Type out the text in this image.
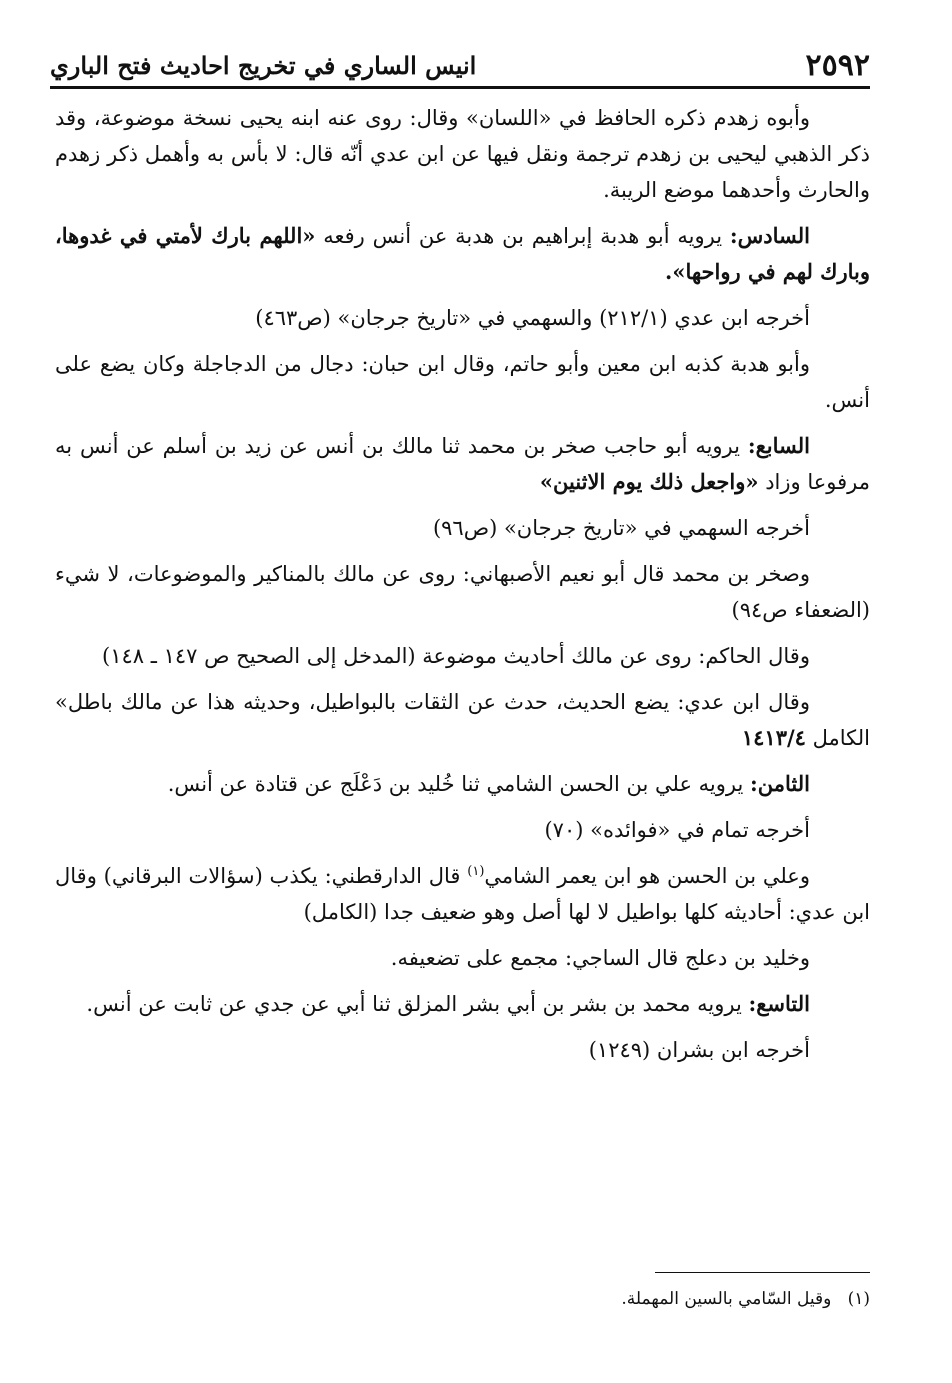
٢٥٩٢
انيس الساري في تخريج احاديث فتح الباري

وأبوه زهدم ذكره الحافظ في «اللسان» وقال: روى عنه ابنه يحيى نسخة موضوعة، وقد ذكر الذهبي ليحيى بن زهدم ترجمة ونقل فيها عن ابن عدي أنّه قال: لا بأس به وأهمل ذكر زهدم والحارث وأحدهما موضع الريبة.

السادس: يرويه أبو هدبة إبراهيم بن هدبة عن أنس رفعه «اللهم بارك لأمتي في غدوها، وبارك لهم في رواحها».

أخرجه ابن عدي (٢١٢/١) والسهمي في «تاريخ جرجان» (ص٤٦٣)

وأبو هدبة كذبه ابن معين وأبو حاتم، وقال ابن حبان: دجال من الدجاجلة وكان يضع على أنس.

السابع: يرويه أبو حاجب صخر بن محمد ثنا مالك بن أنس عن زيد بن أسلم عن أنس به مرفوعا وزاد «واجعل ذلك يوم الاثنين»

أخرجه السهمي في «تاريخ جرجان» (ص٩٦)

وصخر بن محمد قال أبو نعيم الأصبهاني: روى عن مالك بالمناكير والموضوعات، لا شيء (الضعفاء ص٩٤)

وقال الحاكم: روى عن مالك أحاديث موضوعة (المدخل إلى الصحيح ص ١٤٧ ـ ١٤٨)

وقال ابن عدي: يضع الحديث، حدث عن الثقات بالبواطيل، وحديثه هذا عن مالك باطل» الكامل ١٤١٣/٤

الثامن: يرويه علي بن الحسن الشامي ثنا خُليد بن دَعْلَج عن قتادة عن أنس.

أخرجه تمام في «فوائده» (٧٠)

وعلي بن الحسن هو ابن يعمر الشامي$^{(١)}$ قال الدارقطني: يكذب (سؤالات البرقاني) وقال ابن عدي: أحاديثه كلها بواطيل لا لها أصل وهو ضعيف جدا (الكامل)

وخليد بن دعلج قال الساجي: مجمع على تضعيفه.

التاسع: يرويه محمد بن بشر بن أبي بشر المزلق ثنا أبي عن جدي عن ثابت عن أنس.

أخرجه ابن بشران (١٢٤٩)

(١)   وقيل السّامي بالسين المهملة.
